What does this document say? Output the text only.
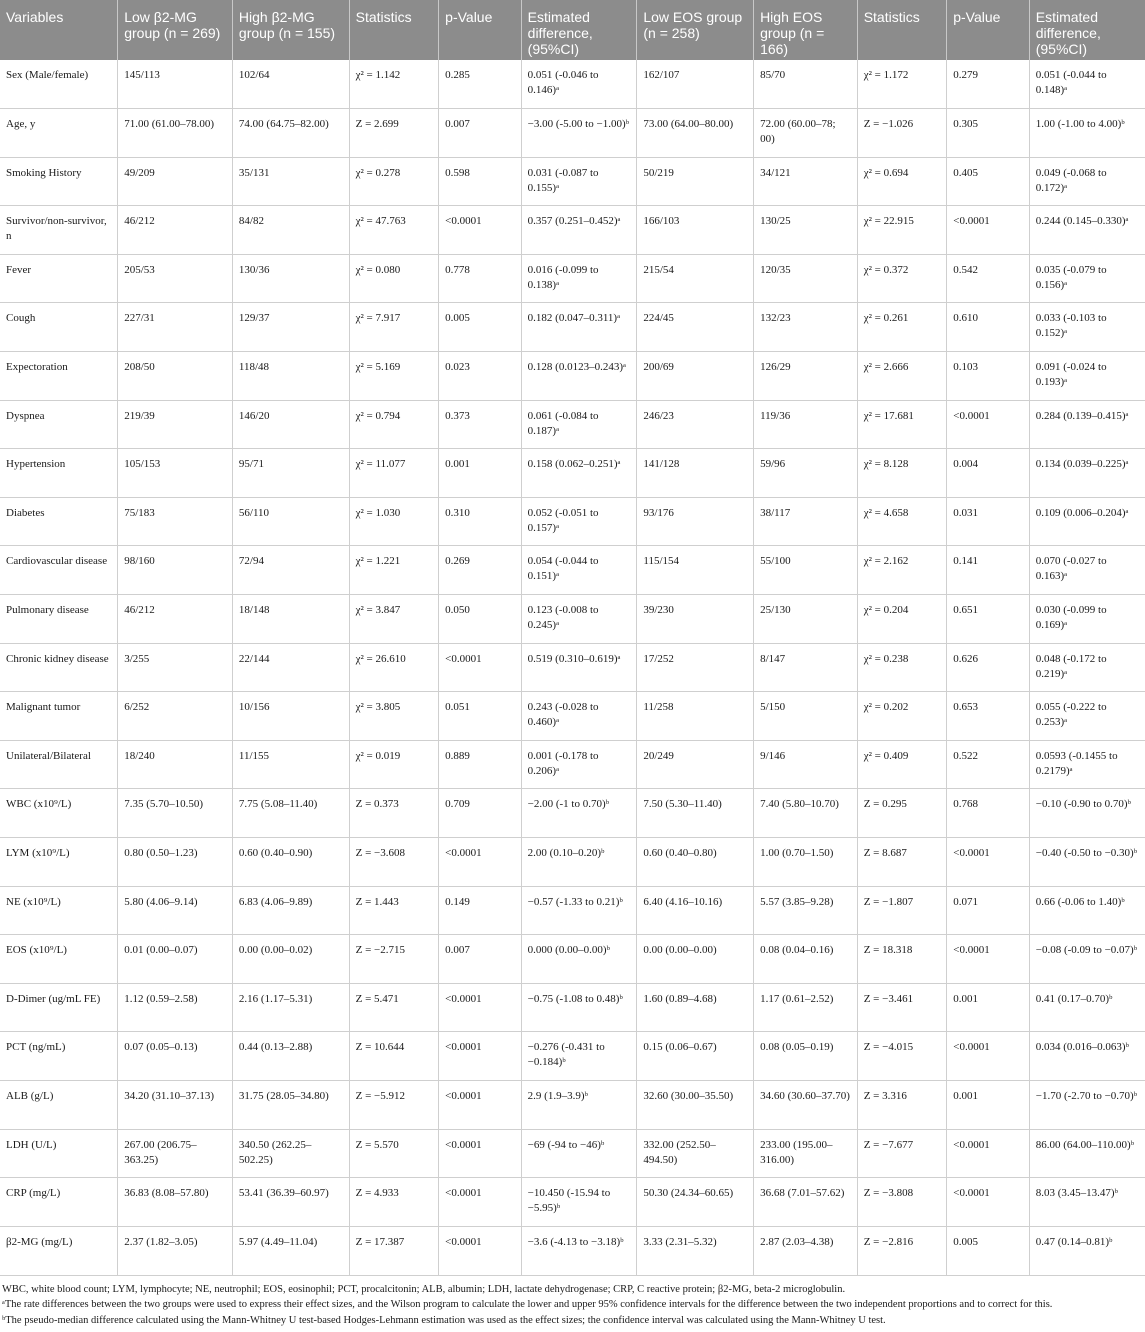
Variables	Low β2-MG group (n = 269)	High β2-MG group (n = 155)	Statistics	p-Value	Estimated difference, (95%CI)	Low EOS group (n = 258)	High EOS group (n = 166)	Statistics	p-Value	Estimated difference, (95%CI)
Sex (Male/female)	145/113	102/64	χ² = 1.142	0.285	0.051 (-0.046 to 0.146)ᵃ	162/107	85/70	χ² = 1.172	0.279	0.051 (-0.044 to 0.148)ᵃ
Age, y	71.00 (61.00–78.00)	74.00 (64.75–82.00)	Z = 2.699	0.007	−3.00 (-5.00 to −1.00)ᵇ	73.00 (64.00–80.00)	72.00 (60.00–78; 00)	Z = −1.026	0.305	1.00 (-1.00 to 4.00)ᵇ
Smoking History	49/209	35/131	χ² = 0.278	0.598	0.031 (-0.087 to 0.155)ᵃ	50/219	34/121	χ² = 0.694	0.405	0.049 (-0.068 to 0.172)ᵃ
Survivor/non-survivor, n	46/212	84/82	χ² = 47.763	<0.0001	0.357 (0.251–0.452)ᵃ	166/103	130/25	χ² = 22.915	<0.0001	0.244 (0.145–0.330)ᵃ
Fever	205/53	130/36	χ² = 0.080	0.778	0.016 (-0.099 to 0.138)ᵃ	215/54	120/35	χ² = 0.372	0.542	0.035 (-0.079 to 0.156)ᵃ
Cough	227/31	129/37	χ² = 7.917	0.005	0.182 (0.047–0.311)ᵃ	224/45	132/23	χ² = 0.261	0.610	0.033 (-0.103 to 0.152)ᵃ
Expectoration	208/50	118/48	χ² = 5.169	0.023	0.128 (0.0123–0.243)ᵃ	200/69	126/29	χ² = 2.666	0.103	0.091 (-0.024 to 0.193)ᵃ
Dyspnea	219/39	146/20	χ² = 0.794	0.373	0.061 (-0.084 to 0.187)ᵃ	246/23	119/36	χ² = 17.681	<0.0001	0.284 (0.139–0.415)ᵃ
Hypertension	105/153	95/71	χ² = 11.077	0.001	0.158 (0.062–0.251)ᵃ	141/128	59/96	χ² = 8.128	0.004	0.134 (0.039–0.225)ᵃ
Diabetes	75/183	56/110	χ² = 1.030	0.310	0.052 (-0.051 to 0.157)ᵃ	93/176	38/117	χ² = 4.658	0.031	0.109 (0.006–0.204)ᵃ
Cardiovascular disease	98/160	72/94	χ² = 1.221	0.269	0.054 (-0.044 to 0.151)ᵃ	115/154	55/100	χ² = 2.162	0.141	0.070 (-0.027 to 0.163)ᵃ
Pulmonary disease	46/212	18/148	χ² = 3.847	0.050	0.123 (-0.008 to 0.245)ᵃ	39/230	25/130	χ² = 0.204	0.651	0.030 (-0.099 to 0.169)ᵃ
Chronic kidney disease	3/255	22/144	χ² = 26.610	<0.0001	0.519 (0.310–0.619)ᵃ	17/252	8/147	χ² = 0.238	0.626	0.048 (-0.172 to 0.219)ᵃ
Malignant tumor	6/252	10/156	χ² = 3.805	0.051	0.243 (-0.028 to 0.460)ᵃ	11/258	5/150	χ² = 0.202	0.653	0.055 (-0.222 to 0.253)ᵃ
Unilateral/Bilateral	18/240	11/155	χ² = 0.019	0.889	0.001 (-0.178 to 0.206)ᵃ	20/249	9/146	χ² = 0.409	0.522	0.0593 (-0.1455 to 0.2179)ᵃ
WBC (x10⁹/L)	7.35 (5.70–10.50)	7.75 (5.08–11.40)	Z = 0.373	0.709	−2.00 (-1 to 0.70)ᵇ	7.50 (5.30–11.40)	7.40 (5.80–10.70)	Z = 0.295	0.768	−0.10 (-0.90 to 0.70)ᵇ
LYM (x10⁹/L)	0.80 (0.50–1.23)	0.60 (0.40–0.90)	Z = −3.608	<0.0001	2.00 (0.10–0.20)ᵇ	0.60 (0.40–0.80)	1.00 (0.70–1.50)	Z = 8.687	<0.0001	−0.40 (-0.50 to −0.30)ᵇ
NE (x10⁹/L)	5.80 (4.06–9.14)	6.83 (4.06–9.89)	Z = 1.443	0.149	−0.57 (-1.33 to 0.21)ᵇ	6.40 (4.16–10.16)	5.57 (3.85–9.28)	Z = −1.807	0.071	0.66 (-0.06 to 1.40)ᵇ
EOS (x10⁹/L)	0.01 (0.00–0.07)	0.00 (0.00–0.02)	Z = −2.715	0.007	0.000 (0.00–0.00)ᵇ	0.00 (0.00–0.00)	0.08 (0.04–0.16)	Z = 18.318	<0.0001	−0.08 (-0.09 to −0.07)ᵇ
D-Dimer (ug/mL FE)	1.12 (0.59–2.58)	2.16 (1.17–5.31)	Z = 5.471	<0.0001	−0.75 (-1.08 to 0.48)ᵇ	1.60 (0.89–4.68)	1.17 (0.61–2.52)	Z = −3.461	0.001	0.41 (0.17–0.70)ᵇ
PCT (ng/mL)	0.07 (0.05–0.13)	0.44 (0.13–2.88)	Z = 10.644	<0.0001	−0.276 (-0.431 to −0.184)ᵇ	0.15 (0.06–0.67)	0.08 (0.05–0.19)	Z = −4.015	<0.0001	0.034 (0.016–0.063)ᵇ
ALB (g/L)	34.20 (31.10–37.13)	31.75 (28.05–34.80)	Z = −5.912	<0.0001	2.9 (1.9–3.9)ᵇ	32.60 (30.00–35.50)	34.60 (30.60–37.70)	Z = 3.316	0.001	−1.70 (-2.70 to −0.70)ᵇ
LDH (U/L)	267.00 (206.75–363.25)	340.50 (262.25–502.25)	Z = 5.570	<0.0001	−69 (-94 to −46)ᵇ	332.00 (252.50–494.50)	233.00 (195.00–316.00)	Z = −7.677	<0.0001	86.00 (64.00–110.00)ᵇ
CRP (mg/L)	36.83 (8.08–57.80)	53.41 (36.39–60.97)	Z = 4.933	<0.0001	−10.450 (-15.94 to −5.95)ᵇ	50.30 (24.34–60.65)	36.68 (7.01–57.62)	Z = −3.808	<0.0001	8.03 (3.45–13.47)ᵇ
β2-MG (mg/L)	2.37 (1.82–3.05)	5.97 (4.49–11.04)	Z = 17.387	<0.0001	−3.6 (-4.13 to −3.18)ᵇ	3.33 (2.31–5.32)	2.87 (2.03–4.38)	Z = −2.816	0.005	0.47 (0.14–0.81)ᵇ
WBC, white blood count; LYM, lymphocyte; NE, neutrophil; EOS, eosinophil; PCT, procalcitonin; ALB, albumin; LDH, lactate dehydrogenase; CRP, C reactive protein; β2-MG, beta-2 microglobulin.
ᵃThe rate differences between the two groups were used to express their effect sizes, and the Wilson program to calculate the lower and upper 95% confidence intervals for the difference between the two independent proportions and to correct for this.
ᵇThe pseudo-median difference calculated using the Mann-Whitney U test-based Hodges-Lehmann estimation was used as the effect sizes; the confidence interval was calculated using the Mann-Whitney U test.
